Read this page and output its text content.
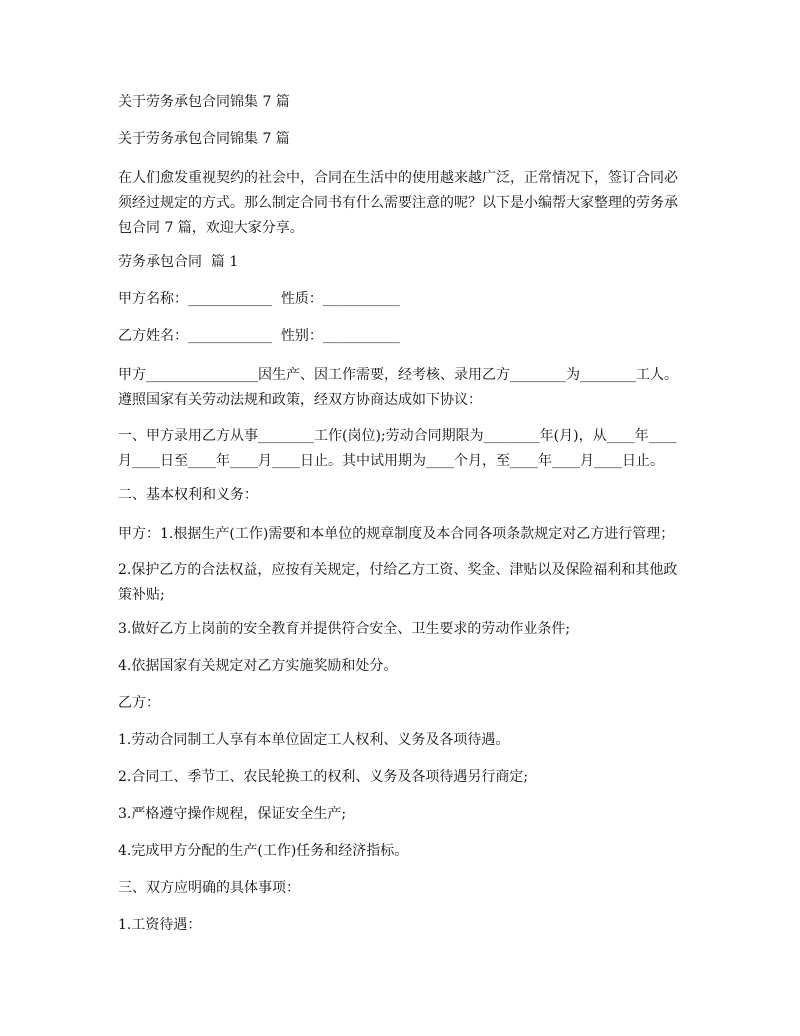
关于劳务承包合同锦集 7 篇

关于劳务承包合同锦集 7 篇

在人们愈发重视契约的社会中，合同在生活中的使用越来越广泛，正常情况下，签订合同必须经过规定的方式。那么制定合同书有什么需要注意的呢？以下是小编帮大家整理的劳务承包合同 7 篇，欢迎大家分享。

劳务承包合同  篇 1

甲方名称：____________  性质：___________

乙方姓名：____________  性别：___________

甲方________________因生产、因工作需要，经考核、录用乙方________为________工人。遵照国家有关劳动法规和政策，经双方协商达成如下协议：

一、甲方录用乙方从事________工作(岗位);劳动合同期限为________年(月)，从____年____月____日至____年____月____日止。其中试用期为____个月，至____年____月____日止。

二、基本权利和义务：

甲方：1.根据生产(工作)需要和本单位的规章制度及本合同各项条款规定对乙方进行管理；

2.保护乙方的合法权益，应按有关规定，付给乙方工资、奖金、津贴以及保险福利和其他政策补贴;

3.做好乙方上岗前的安全教育并提供符合安全、卫生要求的劳动作业条件;

4.依据国家有关规定对乙方实施奖励和处分。

乙方：

1.劳动合同制工人享有本单位固定工人权利、义务及各项待遇。

2.合同工、季节工、农民轮换工的权利、义务及各项待遇另行商定;

3.严格遵守操作规程，保证安全生产;

4.完成甲方分配的生产(工作)任务和经济指标。

三、双方应明确的具体事项：

1.工资待遇：
